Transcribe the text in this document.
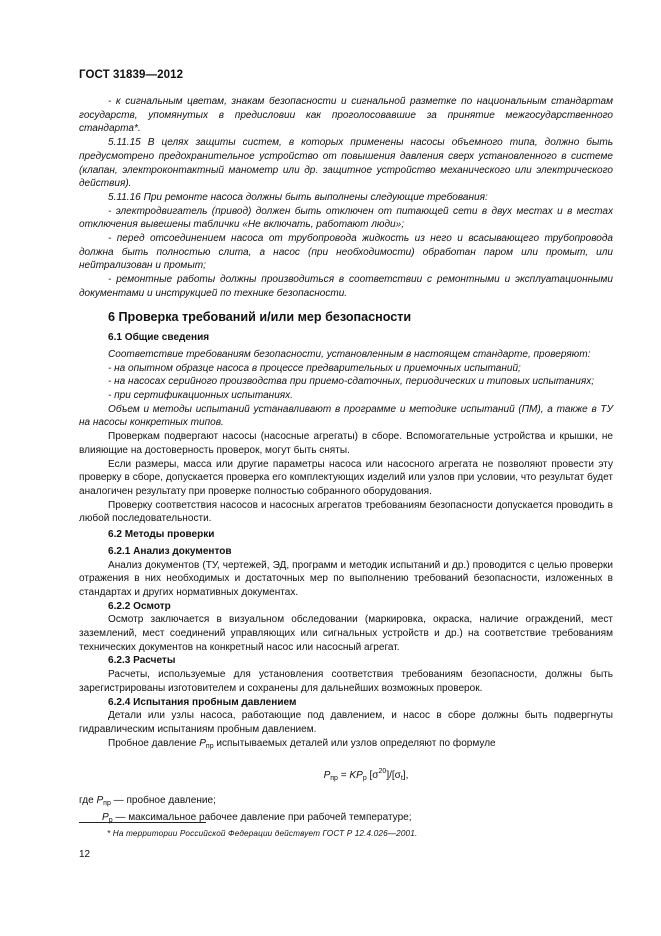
ГОСТ 31839—2012

- к сигнальным цветам, знакам безопасности и сигнальной разметке по национальным стандартам государств, упомянутых в предисловии как проголосовавшие за принятие межгосударственного стандарта*.

5.11.15 В целях защиты систем, в которых применены насосы объемного типа, должно быть предусмотрено предохранительное устройство от повышения давления сверх установленного в системе (клапан, электроконтактный манометр или др. защитное устройство механического или электрического действия).

5.11.16 При ремонте насоса должны быть выполнены следующие требования:

- электродвигатель (привод) должен быть отключен от питающей сети в двух местах и в местах отключения вывешены таблички «Не включать, работают люди»;

- перед отсоединением насоса от трубопровода жидкость из него и всасывающего трубопровода должна быть полностью слита, а насос (при необходимости) обработан паром или промыт, или нейтрализован и промыт;

- ремонтные работы должны производиться в соответствии с ремонтными и эксплуатационными документами и инструкцией по технике безопасности.

6 Проверка требований и/или мер безопасности

6.1 Общие сведения

Соответствие требованиям безопасности, установленным в настоящем стандарте, проверяют:

- на опытном образце насоса в процессе предварительных и приемочных испытаний;

- на насосах серийного производства при приемо-сдаточных, периодических и типовых испытаниях;

- при сертификационных испытаниях.

Объем и методы испытаний устанавливают в программе и методике испытаний (ПМ), а также в ТУ на насосы конкретных типов.

Проверкам подвергают насосы (насосные агрегаты) в сборе. Вспомогательные устройства и крышки, не влияющие на достоверность проверок, могут быть сняты.

Если размеры, масса или другие параметры насоса или насосного агрегата не позволяют провести эту проверку в сборе, допускается проверка его комплектующих изделий или узлов при условии, что результат будет аналогичен результату при проверке полностью собранного оборудования.

Проверку соответствия насосов и насосных агрегатов требованиям безопасности допускается проводить в любой последовательности.

6.2 Методы проверки

6.2.1 Анализ документов

Анализ документов (ТУ, чертежей, ЭД, программ и методик испытаний и др.) проводится с целью проверки отражения в них необходимых и достаточных мер по выполнению требований безопасности, изложенных в стандартах и других нормативных документах.

6.2.2 Осмотр

Осмотр заключается в визуальном обследовании (маркировка, окраска, наличие ограждений, мест заземлений, мест соединений управляющих или сигнальных устройств и др.) на соответствие требованиям технических документов на конкретный насос или насосный агрегат.

6.2.3 Расчеты

Расчеты, используемые для установления соответствия требованиям безопасности, должны быть зарегистрированы изготовителем и сохранены для дальнейших возможных проверок.

6.2.4 Испытания пробным давлением

Детали или узлы насоса, работающие под давлением, и насос в сборе должны быть подвергнуты гидравлическим испытаниям пробным давлением.

Пробное давление $P_{пр}$ испытываемых деталей или узлов определяют по формуле

$P_{пр} = KP_р$ $[\sigma^{20}]/[\sigma_t]$,

где $P_{пр}$ — пробное давление;

$P_р$ — максимальное рабочее давление при рабочей температуре;

* На территории Российской Федерации действует ГОСТ Р 12.4.026—2001.
12
